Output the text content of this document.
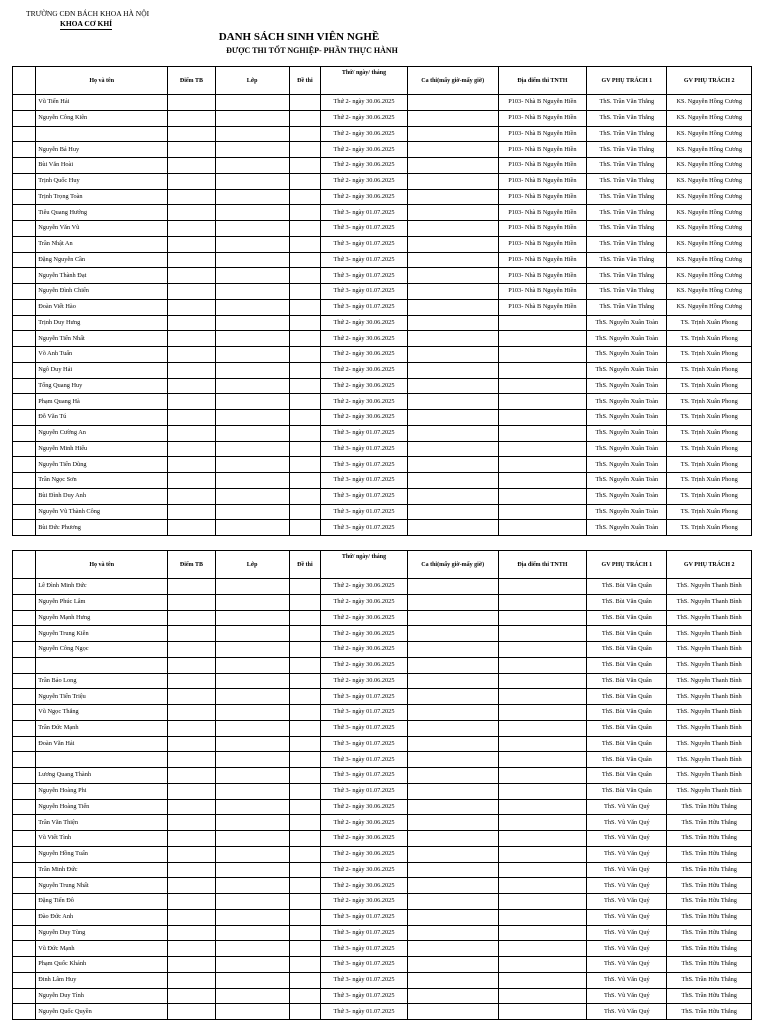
TRƯỜNG CĐN BÁCH KHOA HÀ NỘI
KHOA CƠ KHÍ
DANH SÁCH SINH VIÊN NGHỀ
ĐƯỢC THI TỐT NGHIỆP- PHẦN THỰC HÀNH
	Họ và tên	Điểm TB	Lớp	Đề thi	Thứ/ ngày/ tháng	Ca thi(mấy giờ-mấy giờ)	Địa điểm thi TNTH	GV PHỤ TRÁCH 1	GV PHỤ TRÁCH 2
	Vũ Tiến Hải				Thứ 2- ngày 30.06.2025		P103- Nhà B Nguyễn Hiền	ThS. Trần Văn Thắng	KS. Nguyễn Hồng Cương
	Nguyễn Công Kiên				Thứ 2- ngày 30.06.2025		P103- Nhà B Nguyễn Hiền	ThS. Trần Văn Thắng	KS. Nguyễn Hồng Cương
					Thứ 2- ngày 30.06.2025		P103- Nhà B Nguyễn Hiền	ThS. Trần Văn Thắng	KS. Nguyễn Hồng Cương
	Nguyễn Bá Huy				Thứ 2- ngày 30.06.2025		P103- Nhà B Nguyễn Hiền	ThS. Trần Văn Thắng	KS. Nguyễn Hồng Cương
	Bùi Văn Hoài				Thứ 2- ngày 30.06.2025		P103- Nhà B Nguyễn Hiền	ThS. Trần Văn Thắng	KS. Nguyễn Hồng Cương
	Trịnh Quốc Huy				Thứ 2- ngày 30.06.2025		P103- Nhà B Nguyễn Hiền	ThS. Trần Văn Thắng	KS. Nguyễn Hồng Cương
	Trịnh Trọng Toàn				Thứ 2- ngày 30.06.2025		P103- Nhà B Nguyễn Hiền	ThS. Trần Văn Thắng	KS. Nguyễn Hồng Cương
	Tiêu Quang Hướng				Thứ 3- ngày 01.07.2025		P103- Nhà B Nguyễn Hiền	ThS. Trần Văn Thắng	KS. Nguyễn Hồng Cương
	Nguyễn Văn Vũ				Thứ 3- ngày 01.07.2025		P103- Nhà B Nguyễn Hiền	ThS. Trần Văn Thắng	KS. Nguyễn Hồng Cương
	Trần Nhật An				Thứ 3- ngày 01.07.2025		P103- Nhà B Nguyễn Hiền	ThS. Trần Văn Thắng	KS. Nguyễn Hồng Cương
	Đặng Nguyễn Cần				Thứ 3- ngày 01.07.2025		P103- Nhà B Nguyễn Hiền	ThS. Trần Văn Thắng	KS. Nguyễn Hồng Cương
	Nguyễn Thành Đạt				Thứ 3- ngày 01.07.2025		P103- Nhà B Nguyễn Hiền	ThS. Trần Văn Thắng	KS. Nguyễn Hồng Cương
	Nguyễn Đình Chiến				Thứ 3- ngày 01.07.2025		P103- Nhà B Nguyễn Hiền	ThS. Trần Văn Thắng	KS. Nguyễn Hồng Cương
	Đoàn Viết Hào				Thứ 3- ngày 01.07.2025		P103- Nhà B Nguyễn Hiền	ThS. Trần Văn Thắng	KS. Nguyễn Hồng Cương
	Trịnh Duy Hưng				Thứ 2- ngày 30.06.2025			ThS. Nguyễn Xuân Toàn	TS. Trịnh Xuân Phong
	Nguyễn Tiến Nhất				Thứ 2- ngày 30.06.2025			ThS. Nguyễn Xuân Toàn	TS. Trịnh Xuân Phong
	Võ Anh Tuấn				Thứ 2- ngày 30.06.2025			ThS. Nguyễn Xuân Toàn	TS. Trịnh Xuân Phong
	Ngô Duy Hải				Thứ 2- ngày 30.06.2025			ThS. Nguyễn Xuân Toàn	TS. Trịnh Xuân Phong
	Tống Quang Huy				Thứ 2- ngày 30.06.2025			ThS. Nguyễn Xuân Toàn	TS. Trịnh Xuân Phong
	Phạm Quang Hà				Thứ 2- ngày 30.06.2025			ThS. Nguyễn Xuân Toàn	TS. Trịnh Xuân Phong
	Đỗ Văn Tú				Thứ 2- ngày 30.06.2025			ThS. Nguyễn Xuân Toàn	TS. Trịnh Xuân Phong
	Nguyễn Cường An				Thứ 3- ngày 01.07.2025			ThS. Nguyễn Xuân Toàn	TS. Trịnh Xuân Phong
	Nguyễn Minh Hiếu				Thứ 3- ngày 01.07.2025			ThS. Nguyễn Xuân Toàn	TS. Trịnh Xuân Phong
	Nguyễn Tiến Dũng				Thứ 3- ngày 01.07.2025			ThS. Nguyễn Xuân Toàn	TS. Trịnh Xuân Phong
	Trần Ngọc Sơn				Thứ 3- ngày 01.07.2025			ThS. Nguyễn Xuân Toàn	TS. Trịnh Xuân Phong
	Bùi Đình Duy Anh				Thứ 3- ngày 01.07.2025			ThS. Nguyễn Xuân Toàn	TS. Trịnh Xuân Phong
	Nguyễn Vũ Thành Công				Thứ 3- ngày 01.07.2025			ThS. Nguyễn Xuân Toàn	TS. Trịnh Xuân Phong
	Bùi Đức Phương				Thứ 3- ngày 01.07.2025			ThS. Nguyễn Xuân Toàn	TS. Trịnh Xuân Phong
	Họ và tên	Điểm TB	Lớp	Đề thi	Thứ/ ngày/ tháng	Ca thi(mấy giờ-mấy giờ)	Địa điểm thi TNTH	GV PHỤ TRÁCH 1	GV PHỤ TRÁCH 2
	Lê Đình Minh Đức				Thứ 2- ngày 30.06.2025			ThS. Bùi Văn Quân	ThS. Nguyễn Thanh Bình
	Nguyễn Phúc Lâm				Thứ 2- ngày 30.06.2025			ThS. Bùi Văn Quân	ThS. Nguyễn Thanh Bình
	Nguyễn Mạnh Hưng				Thứ 2- ngày 30.06.2025			ThS. Bùi Văn Quân	ThS. Nguyễn Thanh Bình
	Nguyễn Trung Kiên				Thứ 2- ngày 30.06.2025			ThS. Bùi Văn Quân	ThS. Nguyễn Thanh Bình
	Nguyễn Công Ngọc				Thứ 2- ngày 30.06.2025			ThS. Bùi Văn Quân	ThS. Nguyễn Thanh Bình
					Thứ 2- ngày 30.06.2025			ThS. Bùi Văn Quân	ThS. Nguyễn Thanh Bình
	Trần Bảo Long				Thứ 2- ngày 30.06.2025			ThS. Bùi Văn Quân	ThS. Nguyễn Thanh Bình
	Nguyễn Tiến Triệu				Thứ 3- ngày 01.07.2025			ThS. Bùi Văn Quân	ThS. Nguyễn Thanh Bình
	Vũ Ngọc Thắng				Thứ 3- ngày 01.07.2025			ThS. Bùi Văn Quân	ThS. Nguyễn Thanh Bình
	Trần Đức Mạnh				Thứ 3- ngày 01.07.2025			ThS. Bùi Văn Quân	ThS. Nguyễn Thanh Bình
	Đoàn Văn Hải				Thứ 3- ngày 01.07.2025			ThS. Bùi Văn Quân	ThS. Nguyễn Thanh Bình
					Thứ 3- ngày 01.07.2025			ThS. Bùi Văn Quân	ThS. Nguyễn Thanh Bình
	Lương Quang Thành				Thứ 3- ngày 01.07.2025			ThS. Bùi Văn Quân	ThS. Nguyễn Thanh Bình
	Nguyễn Hoàng Phi				Thứ 3- ngày 01.07.2025			ThS. Bùi Văn Quân	ThS. Nguyễn Thanh Bình
	Nguyễn Hoàng Tiến				Thứ 2- ngày 30.06.2025			ThS. Vũ Văn Quý	ThS. Trần Hữu Thắng
	Trần Văn Thiện				Thứ 2- ngày 30.06.2025			ThS. Vũ Văn Quý	ThS. Trần Hữu Thắng
	Vũ Viết Tình				Thứ 2- ngày 30.06.2025			ThS. Vũ Văn Quý	ThS. Trần Hữu Thắng
	Nguyễn Hồng Tuấn				Thứ 2- ngày 30.06.2025			ThS. Vũ Văn Quý	ThS. Trần Hữu Thắng
	Trần Minh Đức				Thứ 2- ngày 30.06.2025			ThS. Vũ Văn Quý	ThS. Trần Hữu Thắng
	Nguyễn Trung Nhất				Thứ 2- ngày 30.06.2025			ThS. Vũ Văn Quý	ThS. Trần Hữu Thắng
	Đặng Tiến Đô				Thứ 2- ngày 30.06.2025			ThS. Vũ Văn Quý	ThS. Trần Hữu Thắng
	Đào Đức Anh				Thứ 3- ngày 01.07.2025			ThS. Vũ Văn Quý	ThS. Trần Hữu Thắng
	Nguyễn Duy Tùng				Thứ 3- ngày 01.07.2025			ThS. Vũ Văn Quý	ThS. Trần Hữu Thắng
	Vũ Đức Mạnh				Thứ 3- ngày 01.07.2025			ThS. Vũ Văn Quý	ThS. Trần Hữu Thắng
	Phạm Quốc Khánh				Thứ 3- ngày 01.07.2025			ThS. Vũ Văn Quý	ThS. Trần Hữu Thắng
	Đinh Lâm Huy				Thứ 3- ngày 01.07.2025			ThS. Vũ Văn Quý	ThS. Trần Hữu Thắng
	Nguyễn Duy Tình				Thứ 3- ngày 01.07.2025			ThS. Vũ Văn Quý	ThS. Trần Hữu Thắng
	Nguyễn Quốc Quyền				Thứ 3- ngày 01.07.2025			ThS. Vũ Văn Quý	ThS. Trần Hữu Thắng
